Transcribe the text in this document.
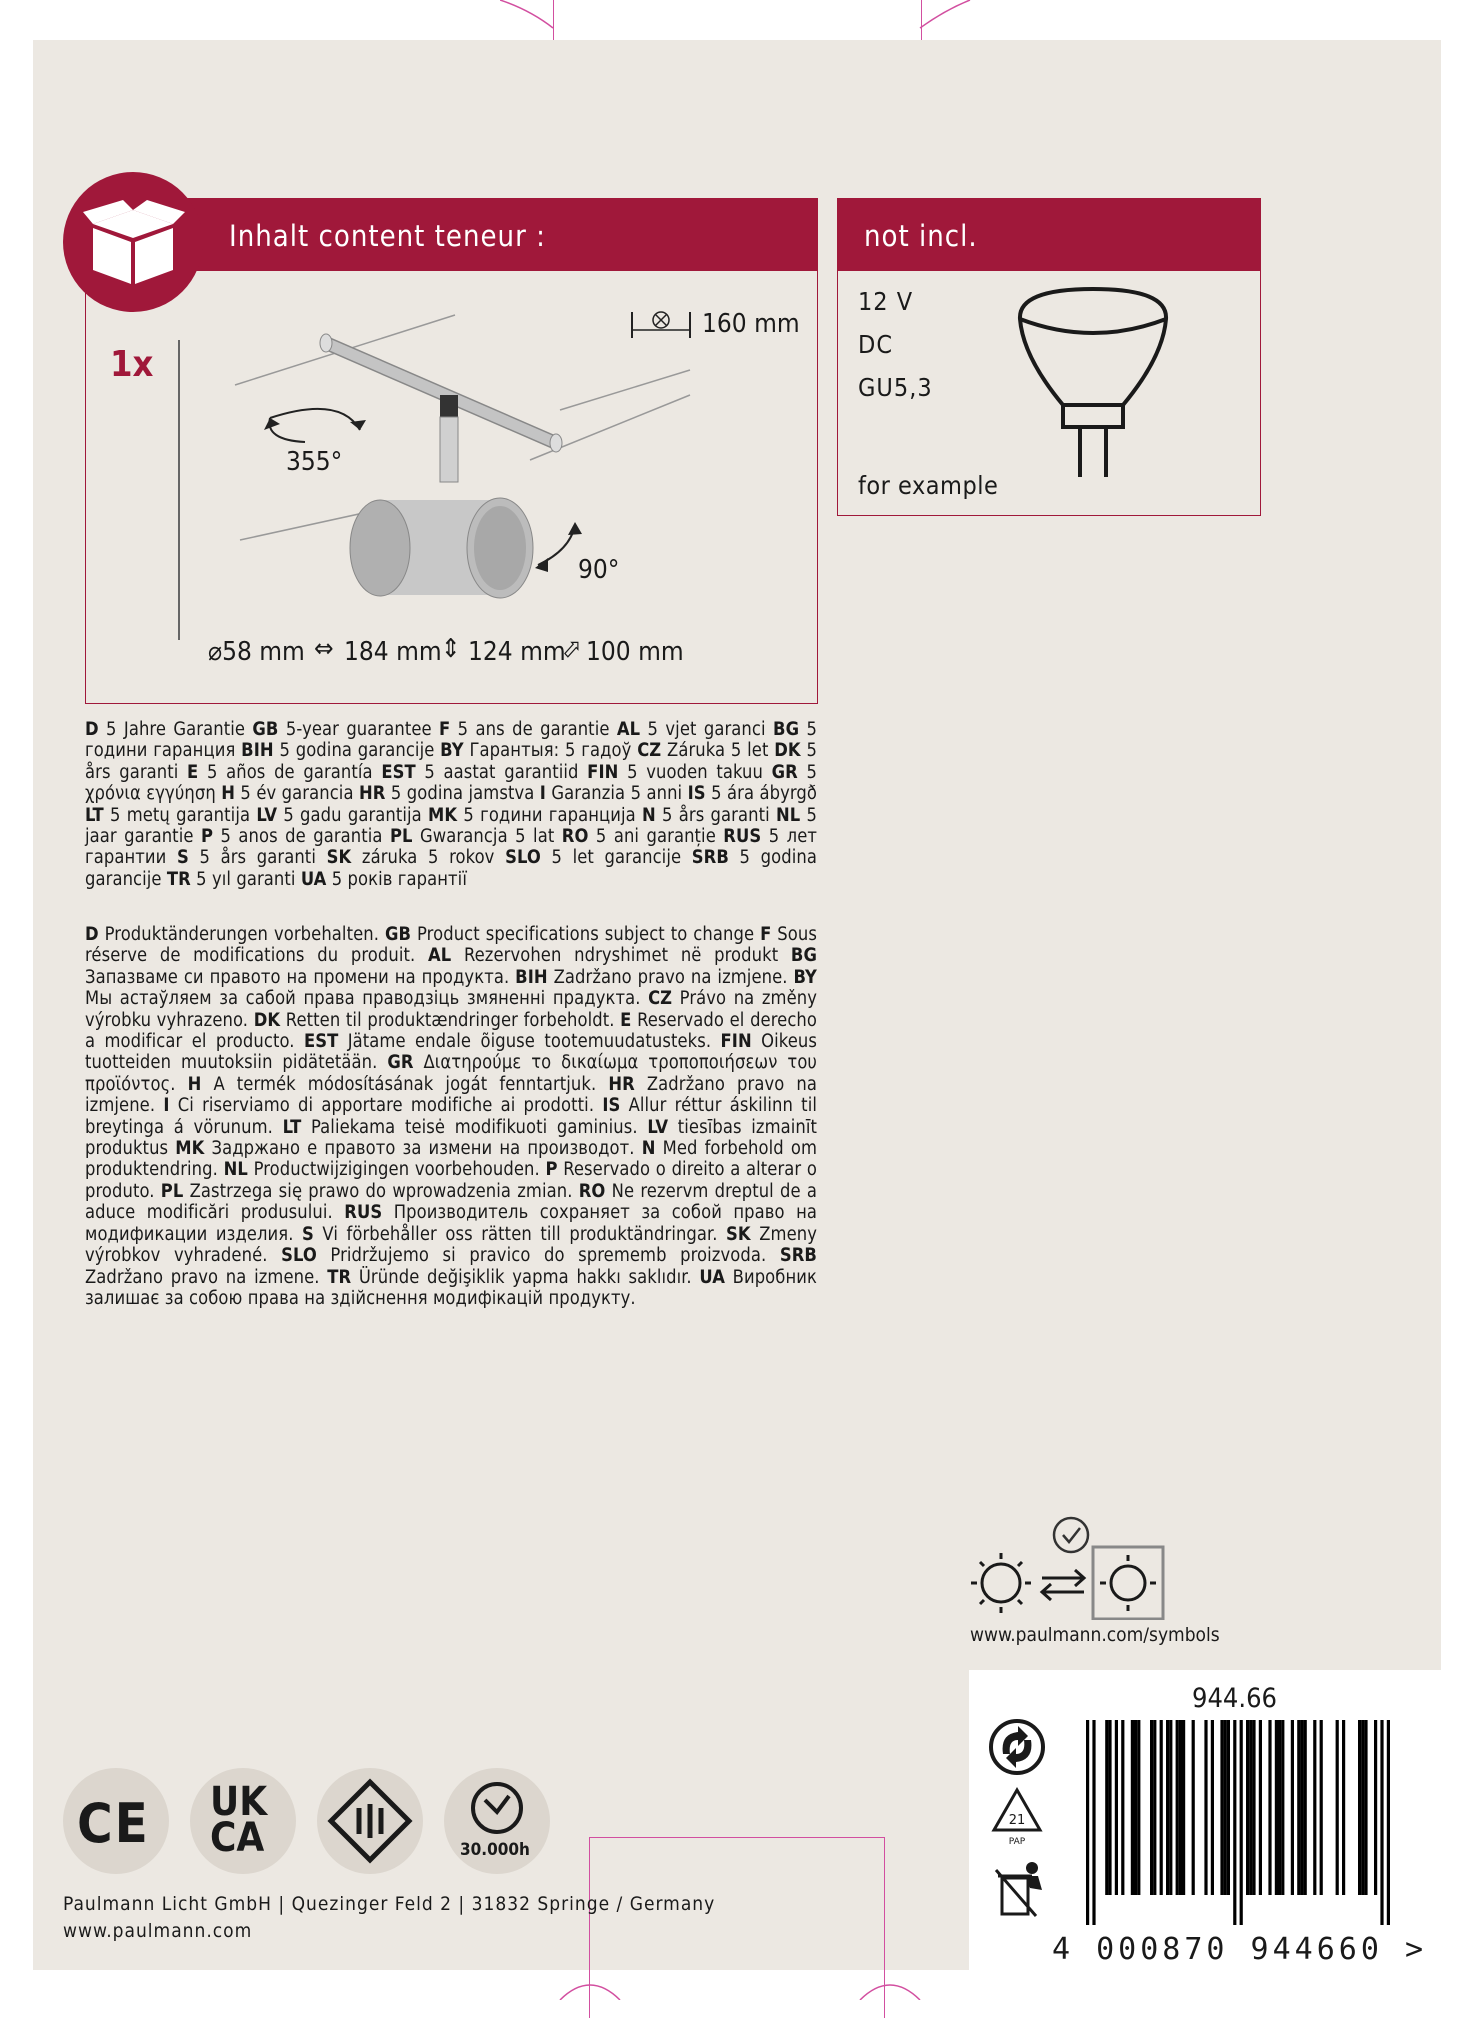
Inhalt content teneur :
1x
160 mm
355°
90°
⌀58 mm ⇔ 184 mm ⇕ 124 mm
⬀ 100 mm
not incl.
12 V
DC
GU5,3
for example
D 5 Jahre Garantie GB 5-year guarantee F 5 ans de garantie AL 5 vjet garanci BG 5 години гаранция BIH 5 godina garancije BY Гарантыя: 5 гадоў CZ Záruka 5 let DK 5 års garanti E 5 años de garantía EST 5 aastat garantiid FIN 5 vuoden takuu GR 5 χρόνια εγγύηση H 5 év garancia HR 5 godina jamstva I Garanzia 5 anni IS 5 ára ábyrgð LT 5 metų garantija LV 5 gadu garantija MK 5 години гаранција N 5 års garanti NL 5 jaar garantie P 5 anos de garantia PL Gwarancja 5 lat RO 5 ani garanție RUS 5 лет гарантии S 5 års garanti SK záruka 5 rokov SLO 5 let garancije SRB 5 godina garancije TR 5 yıl garanti UA 5 років гарантії
D Produktänderungen vorbehalten. GB Product specifications subject to change F Sous réserve de modifications du produit. AL Rezervohen ndryshimet në produkt BG Запазваме си правото на промени на продукта. BIH Zadržano pravo na izmjene. BY Мы астаўляем за сабой права праводзіць змяненні прадукта. CZ Právo na změny výrobku vyhrazeno. DK Retten til produktændringer forbeholdt. E Reservado el derecho a modificar el producto. EST Jätame endale õiguse tootemuudatusteks. FIN Oikeus tuotteiden muutoksiin pidätetään. GR Διατηρούμε το δικαίωμα τροποποιήσεων του προϊόντος. H A termék módosításának jogát fenntartjuk. HR Zadržano pravo na izmjene. I Ci riserviamo di apportare modifiche ai prodotti. IS Allur réttur áskilinn til breytinga á vörunum. LT Paliekama teisė modifikuoti gaminius. LV tiesības izmainīt produktus MK Задржано е правото за измени на производот. N Med forbehold om produktendring. NL Productwijzigingen voorbehouden. P Reservado o direito a alterar o produto. PL Zastrzega się prawo do wprowadzenia zmian. RO Ne rezervm dreptul de a aduce modificări produsului. RUS Производитель сохраняет за собой право на модификации изделия. S Vi förbehåller oss rätten till produktändringar. SK Zmeny výrobkov vyhradené. SLO Pridržujemo si pravico do sprememb proizvoda. SRB Zadržano pravo na izmene. TR Üründe değişiklik yapma hakkı saklıdır. UA Виробник залишає за собою права на здійснення модифікацій продукту.
www.paulmann.com/symbols
944.66
21
PAP
4 000870 944660 >
CE UK
CA	30.000h
Paulmann Licht GmbH | Quezinger Feld 2 | 31832 Springe / Germany
www.paulmann.com
